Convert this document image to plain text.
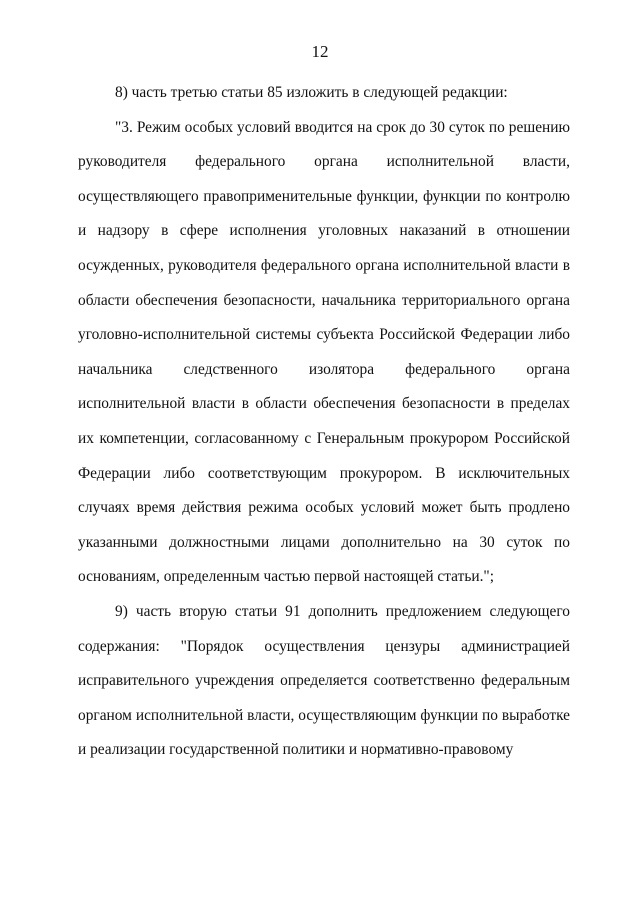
12

8) часть третью статьи 85 изложить в следующей редакции:

"3. Режим особых условий вводится на срок до 30 суток по решению руководителя федерального органа исполнительной власти, осуществляющего правоприменительные функции, функции по контролю и надзору в сфере исполнения уголовных наказаний в отношении осужденных, руководителя федерального органа исполнительной власти в области обеспечения безопасности, начальника территориального органа уголовно-исполнительной системы субъекта Российской Федерации либо начальника следственного изолятора федерального органа исполнительной власти в области обеспечения безопасности в пределах их компетенции, согласованному с Генеральным прокурором Российской Федерации либо соответствующим прокурором. В исключительных случаях время действия режима особых условий может быть продлено указанными должностными лицами дополнительно на 30 суток по основаниям, определенным частью первой настоящей статьи.";

9) часть вторую статьи 91 дополнить предложением следующего содержания: "Порядок осуществления цензуры администрацией исправительного учреждения определяется соответственно федеральным органом исполнительной власти, осуществляющим функции по выработке и реализации государственной политики и нормативно-правовому
